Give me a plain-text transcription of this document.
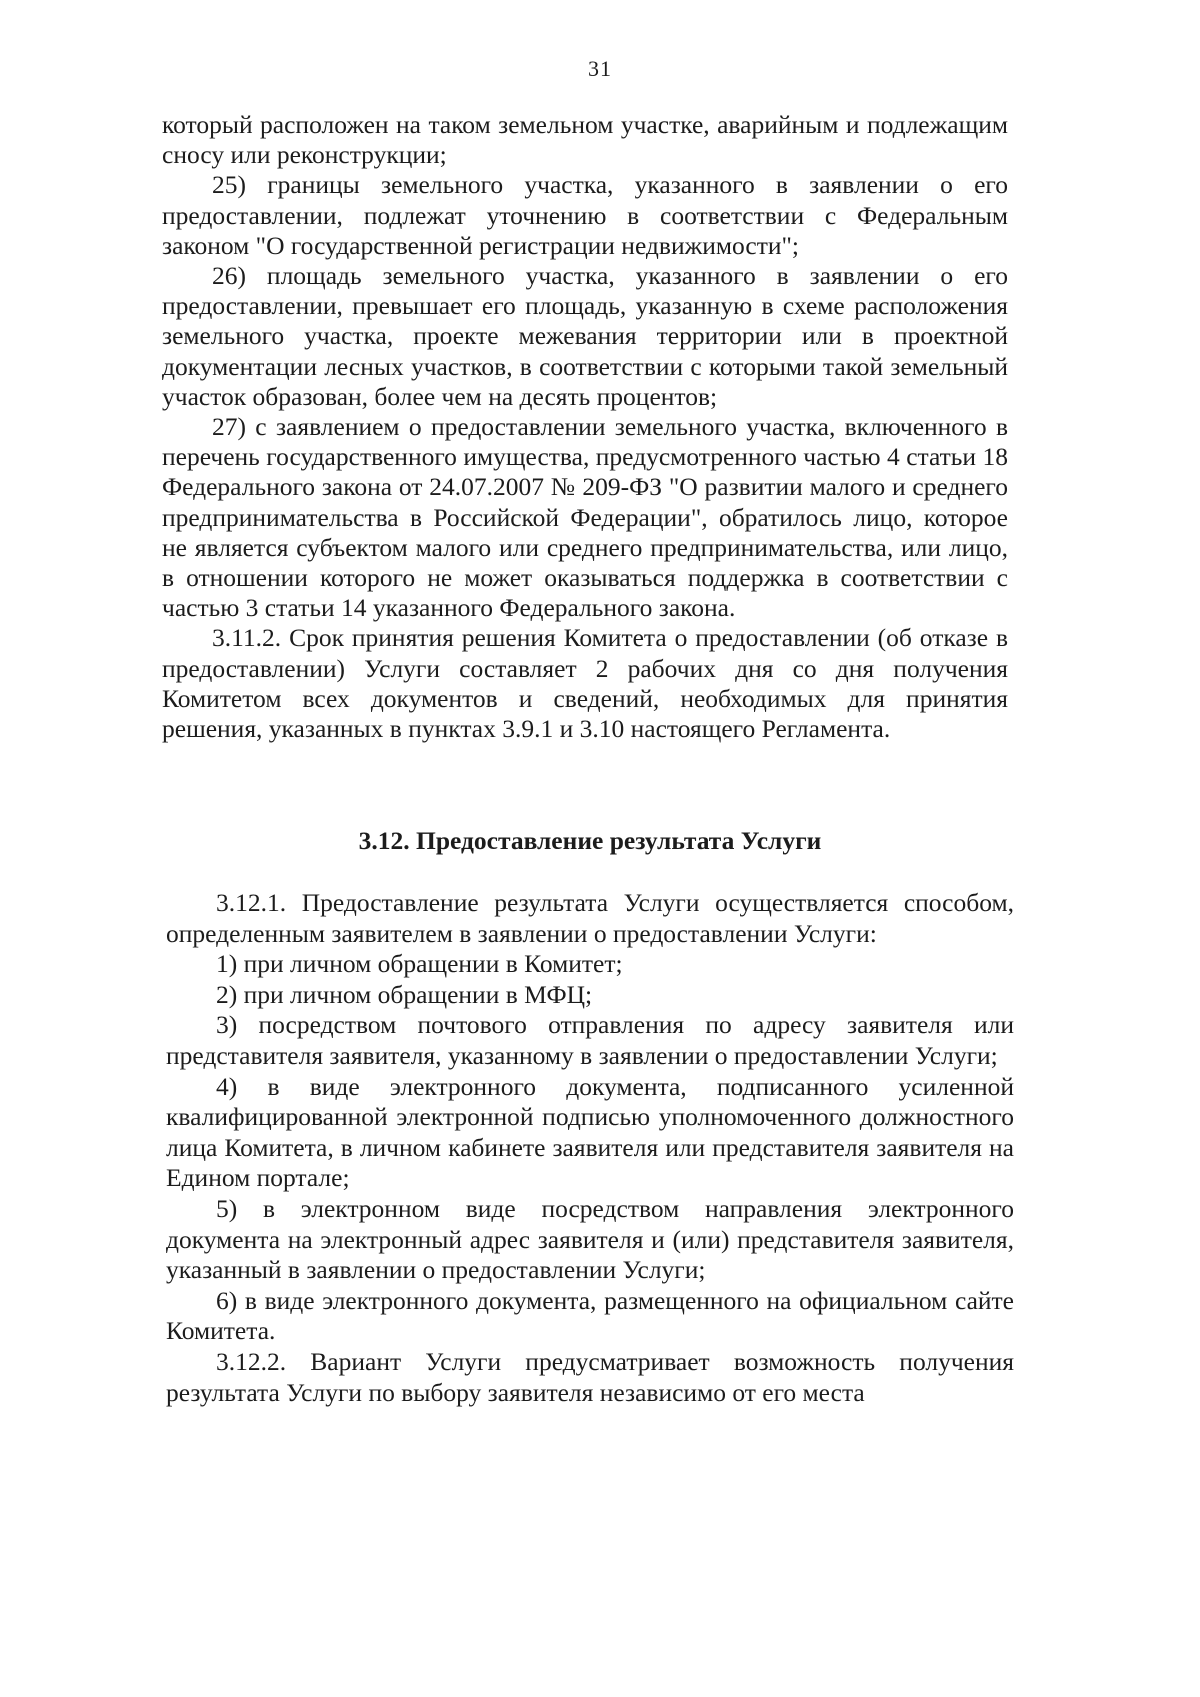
31

который расположен на таком земельном участке, аварийным и подлежащим сносу или реконструкции;

25) границы земельного участка, указанного в заявлении о его предоставлении, подлежат уточнению в соответствии с Федеральным законом "О государственной регистрации недвижимости";

26) площадь земельного участка, указанного в заявлении о его предоставлении, превышает его площадь, указанную в схеме расположения земельного участка, проекте межевания территории или в проектной документации лесных участков, в соответствии с которыми такой земельный участок образован, более чем на десять процентов;

27) с заявлением о предоставлении земельного участка, включенного в перечень государственного имущества, предусмотренного частью 4 статьи 18 Федерального закона от 24.07.2007 № 209-ФЗ "О развитии малого и среднего предпринимательства в Российской Федерации", обратилось лицо, которое не является субъектом малого или среднего предпринимательства, или лицо, в отношении которого не может оказываться поддержка в соответствии с частью 3 статьи 14 указанного Федерального закона.

3.11.2. Срок принятия решения Комитета о предоставлении (об отказе в предоставлении) Услуги составляет 2 рабочих дня со дня получения Комитетом всех документов и сведений, необходимых для принятия решения, указанных в пунктах 3.9.1 и 3.10 настоящего Регламента.

3.12. Предоставление результата Услуги

3.12.1. Предоставление результата Услуги осуществляется способом, определенным заявителем в заявлении о предоставлении Услуги:

1) при личном обращении в Комитет;

2) при личном обращении в МФЦ;

3) посредством почтового отправления по адресу заявителя или представителя заявителя, указанному в заявлении о предоставлении Услуги;

4) в виде электронного документа, подписанного усиленной квалифицированной электронной подписью уполномоченного должностного лица Комитета, в личном кабинете заявителя или представителя заявителя на Едином портале;

5) в электронном виде посредством направления электронного документа на электронный адрес заявителя и (или) представителя заявителя, указанный в заявлении о предоставлении Услуги;

6) в виде электронного документа, размещенного на официальном сайте Комитета.

3.12.2. Вариант Услуги предусматривает возможность получения результата Услуги по выбору заявителя независимо от его места
